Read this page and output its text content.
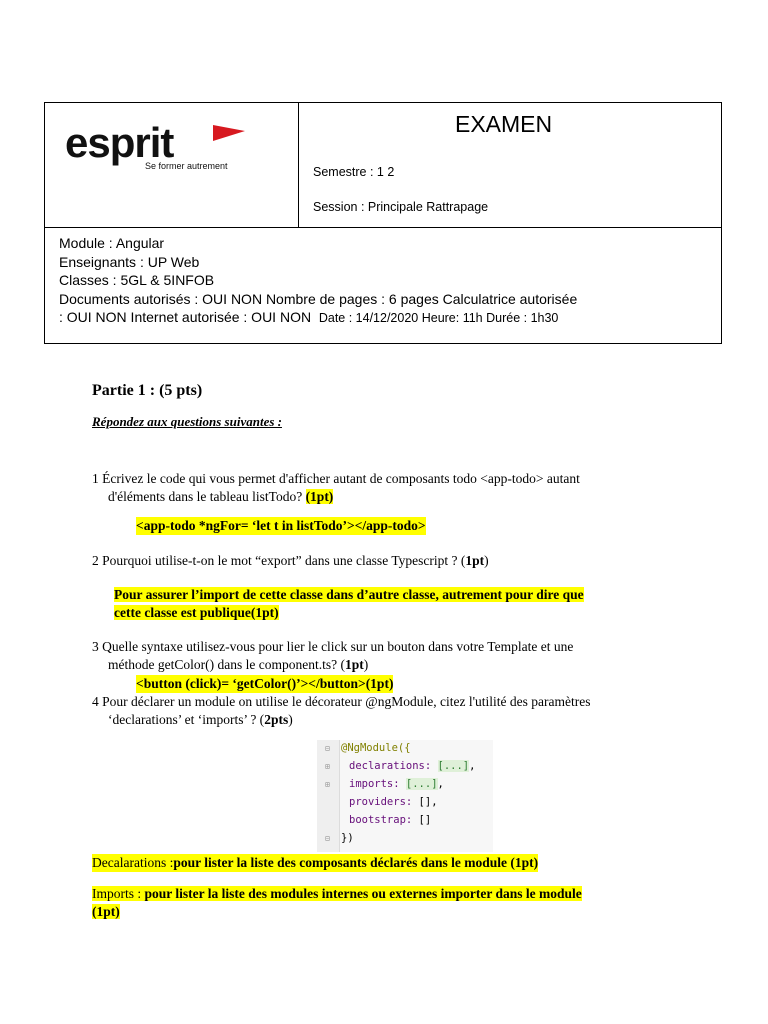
esprit
Se former autrement
EXAMEN
Semestre : 1 2
Session : Principale Rattrapage
Module : Angular
Enseignants : UP Web
Classes : 5GL & 5INFOB
Documents autorisés : OUI NON Nombre de pages : 6 pages Calculatrice autorisée
: OUI NON Internet autorisée : OUI NON Date : 14/12/2020 Heure: 11h Durée : 1h30
Partie 1 : (5 pts)
Répondez aux questions suivantes :
1 Écrivez le code qui vous permet d'afficher autant de composants todo <app-todo> autant
d'éléments dans le tableau listTodo? (1pt)
<app-todo *ngFor= ‘let t in listTodo’></app-todo>
2 Pourquoi utilise-t-on le mot “export” dans une classe Typescript ? (1pt)
Pour assurer l’import de cette classe dans d’autre classe, autrement pour dire que
cette classe est publique(1pt)
3 Quelle syntaxe utilisez-vous pour lier le click sur un bouton dans votre Template et une
méthode getColor() dans le component.ts? (1pt)
<button (click)= ‘getColor()’></button>(1pt)
4 Pour déclarer un module on utilise le décorateur @ngModule, citez l'utilité des paramètres
‘declarations’ et ‘imports’ ? (2pts)
⊟
⊞
⊞
⊟
@NgModule({
declarations: [...],
imports: [...],
providers: [],
bootstrap: []
})
Decalarations :pour lister la liste des composants déclarés dans le module (1pt)
Imports : pour lister la liste des modules internes ou externes importer dans le module
(1pt)
